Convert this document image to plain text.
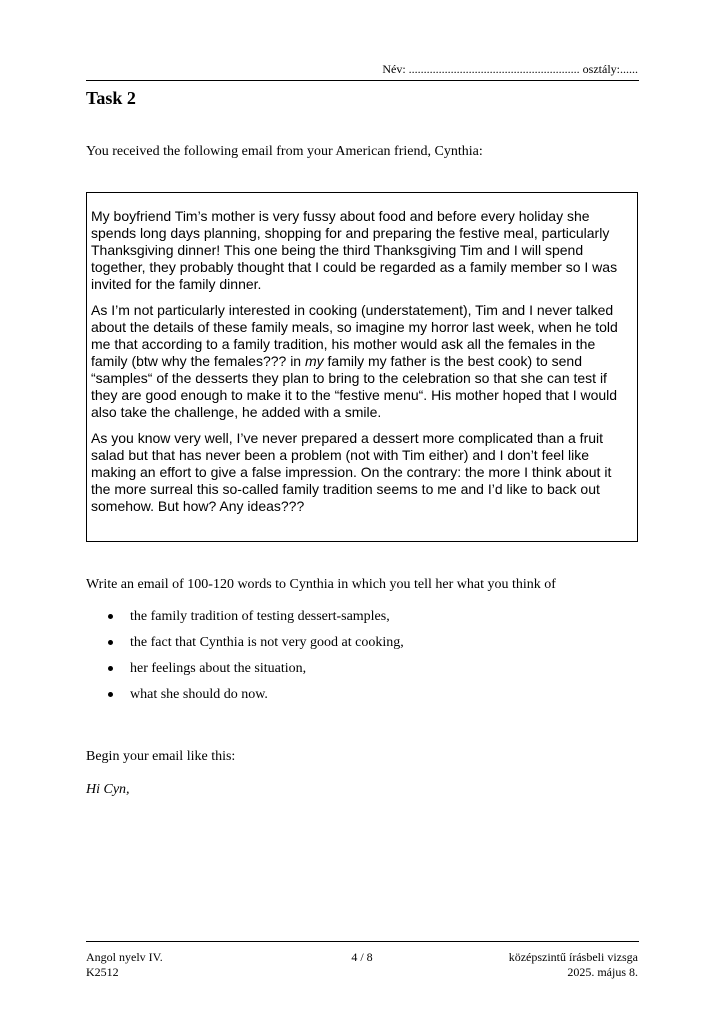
Név: ......................................................... osztály:......
Task 2
You received the following email from your American friend, Cynthia:

My boyfriend Tim’s mother is very fussy about food and before every holiday she spends long days planning, shopping for and preparing the festive meal, particularly Thanksgiving dinner! This one being the third Thanksgiving Tim and I will spend together, they probably thought that I could be regarded as a family member so I was invited for the family dinner.

As I’m not particularly interested in cooking (understatement), Tim and I never talked about the details of these family meals, so imagine my horror last week, when he told me that according to a family tradition, his mother would ask all the females in the family (btw why the females??? in my family my father is the best cook) to send “samples“ of the desserts they plan to bring to the celebration so that she can test if they are good enough to make it to the “festive menu“. His mother hoped that I would also take the challenge, he added with a smile.

As you know very well, I’ve never prepared a dessert more complicated than a fruit salad but that has never been a problem (not with Tim either) and I don’t feel like making an effort to give a false impression. On the contrary: the more I think about it the more surreal this so-called family tradition seems to me and I’d like to back out somehow. But how? Any ideas???

Write an email of 100-120 words to Cynthia in which you tell her what you think of
the family tradition of testing dessert-samples,
the fact that Cynthia is not very good at cooking,
her feelings about the situation,
what she should do now.
Begin your email like this:
Hi Cyn,
Angol nyelv IV.
K2512
4 / 8	középszintű írásbeli vizsga
2025. május 8.
